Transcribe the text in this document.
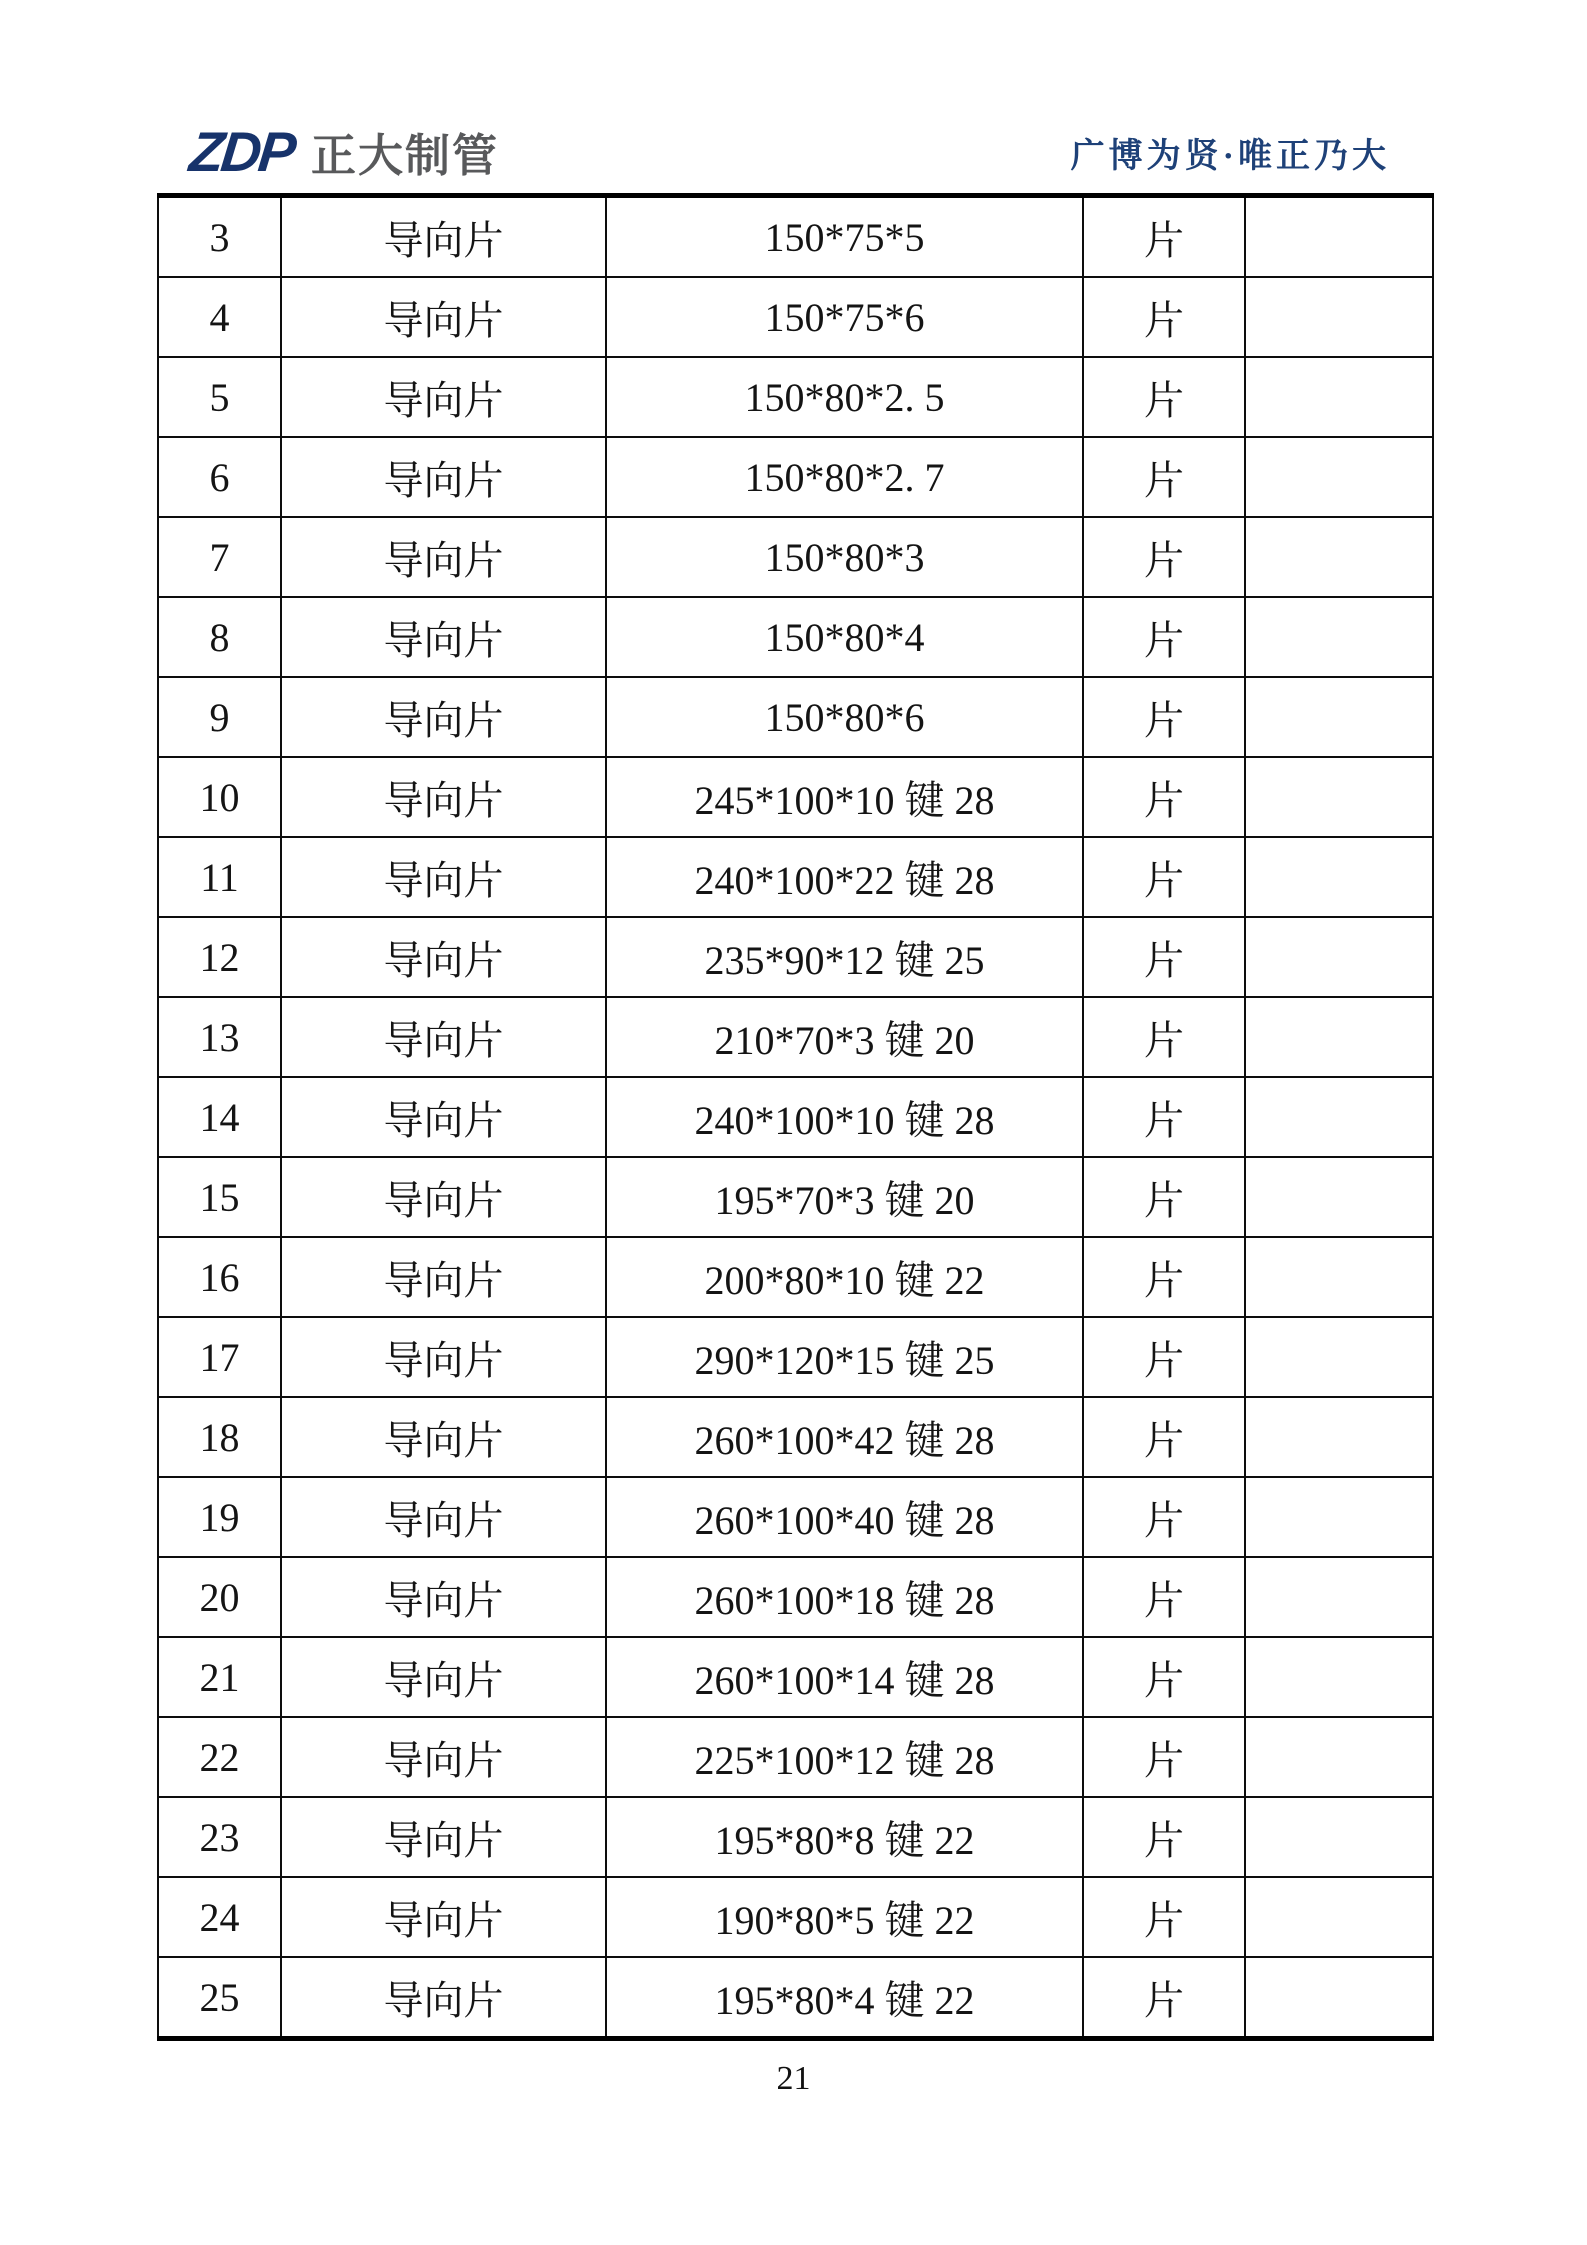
ZDP 正大制管	广博为贤·唯正乃大
3	导向片	150*75*5	片	
4	导向片	150*75*6	片	
5	导向片	150*80*2. 5	片	
6	导向片	150*80*2. 7	片	
7	导向片	150*80*3	片	
8	导向片	150*80*4	片	
9	导向片	150*80*6	片	
10	导向片	245*100*10 键 28	片	
11	导向片	240*100*22 键 28	片	
12	导向片	235*90*12 键 25	片	
13	导向片	210*70*3 键 20	片	
14	导向片	240*100*10 键 28	片	
15	导向片	195*70*3 键 20	片	
16	导向片	200*80*10 键 22	片	
17	导向片	290*120*15 键 25	片	
18	导向片	260*100*42 键 28	片	
19	导向片	260*100*40 键 28	片	
20	导向片	260*100*18 键 28	片	
21	导向片	260*100*14 键 28	片	
22	导向片	225*100*12 键 28	片	
23	导向片	195*80*8 键 22	片	
24	导向片	190*80*5 键 22	片	
25	导向片	195*80*4 键 22	片	
21
